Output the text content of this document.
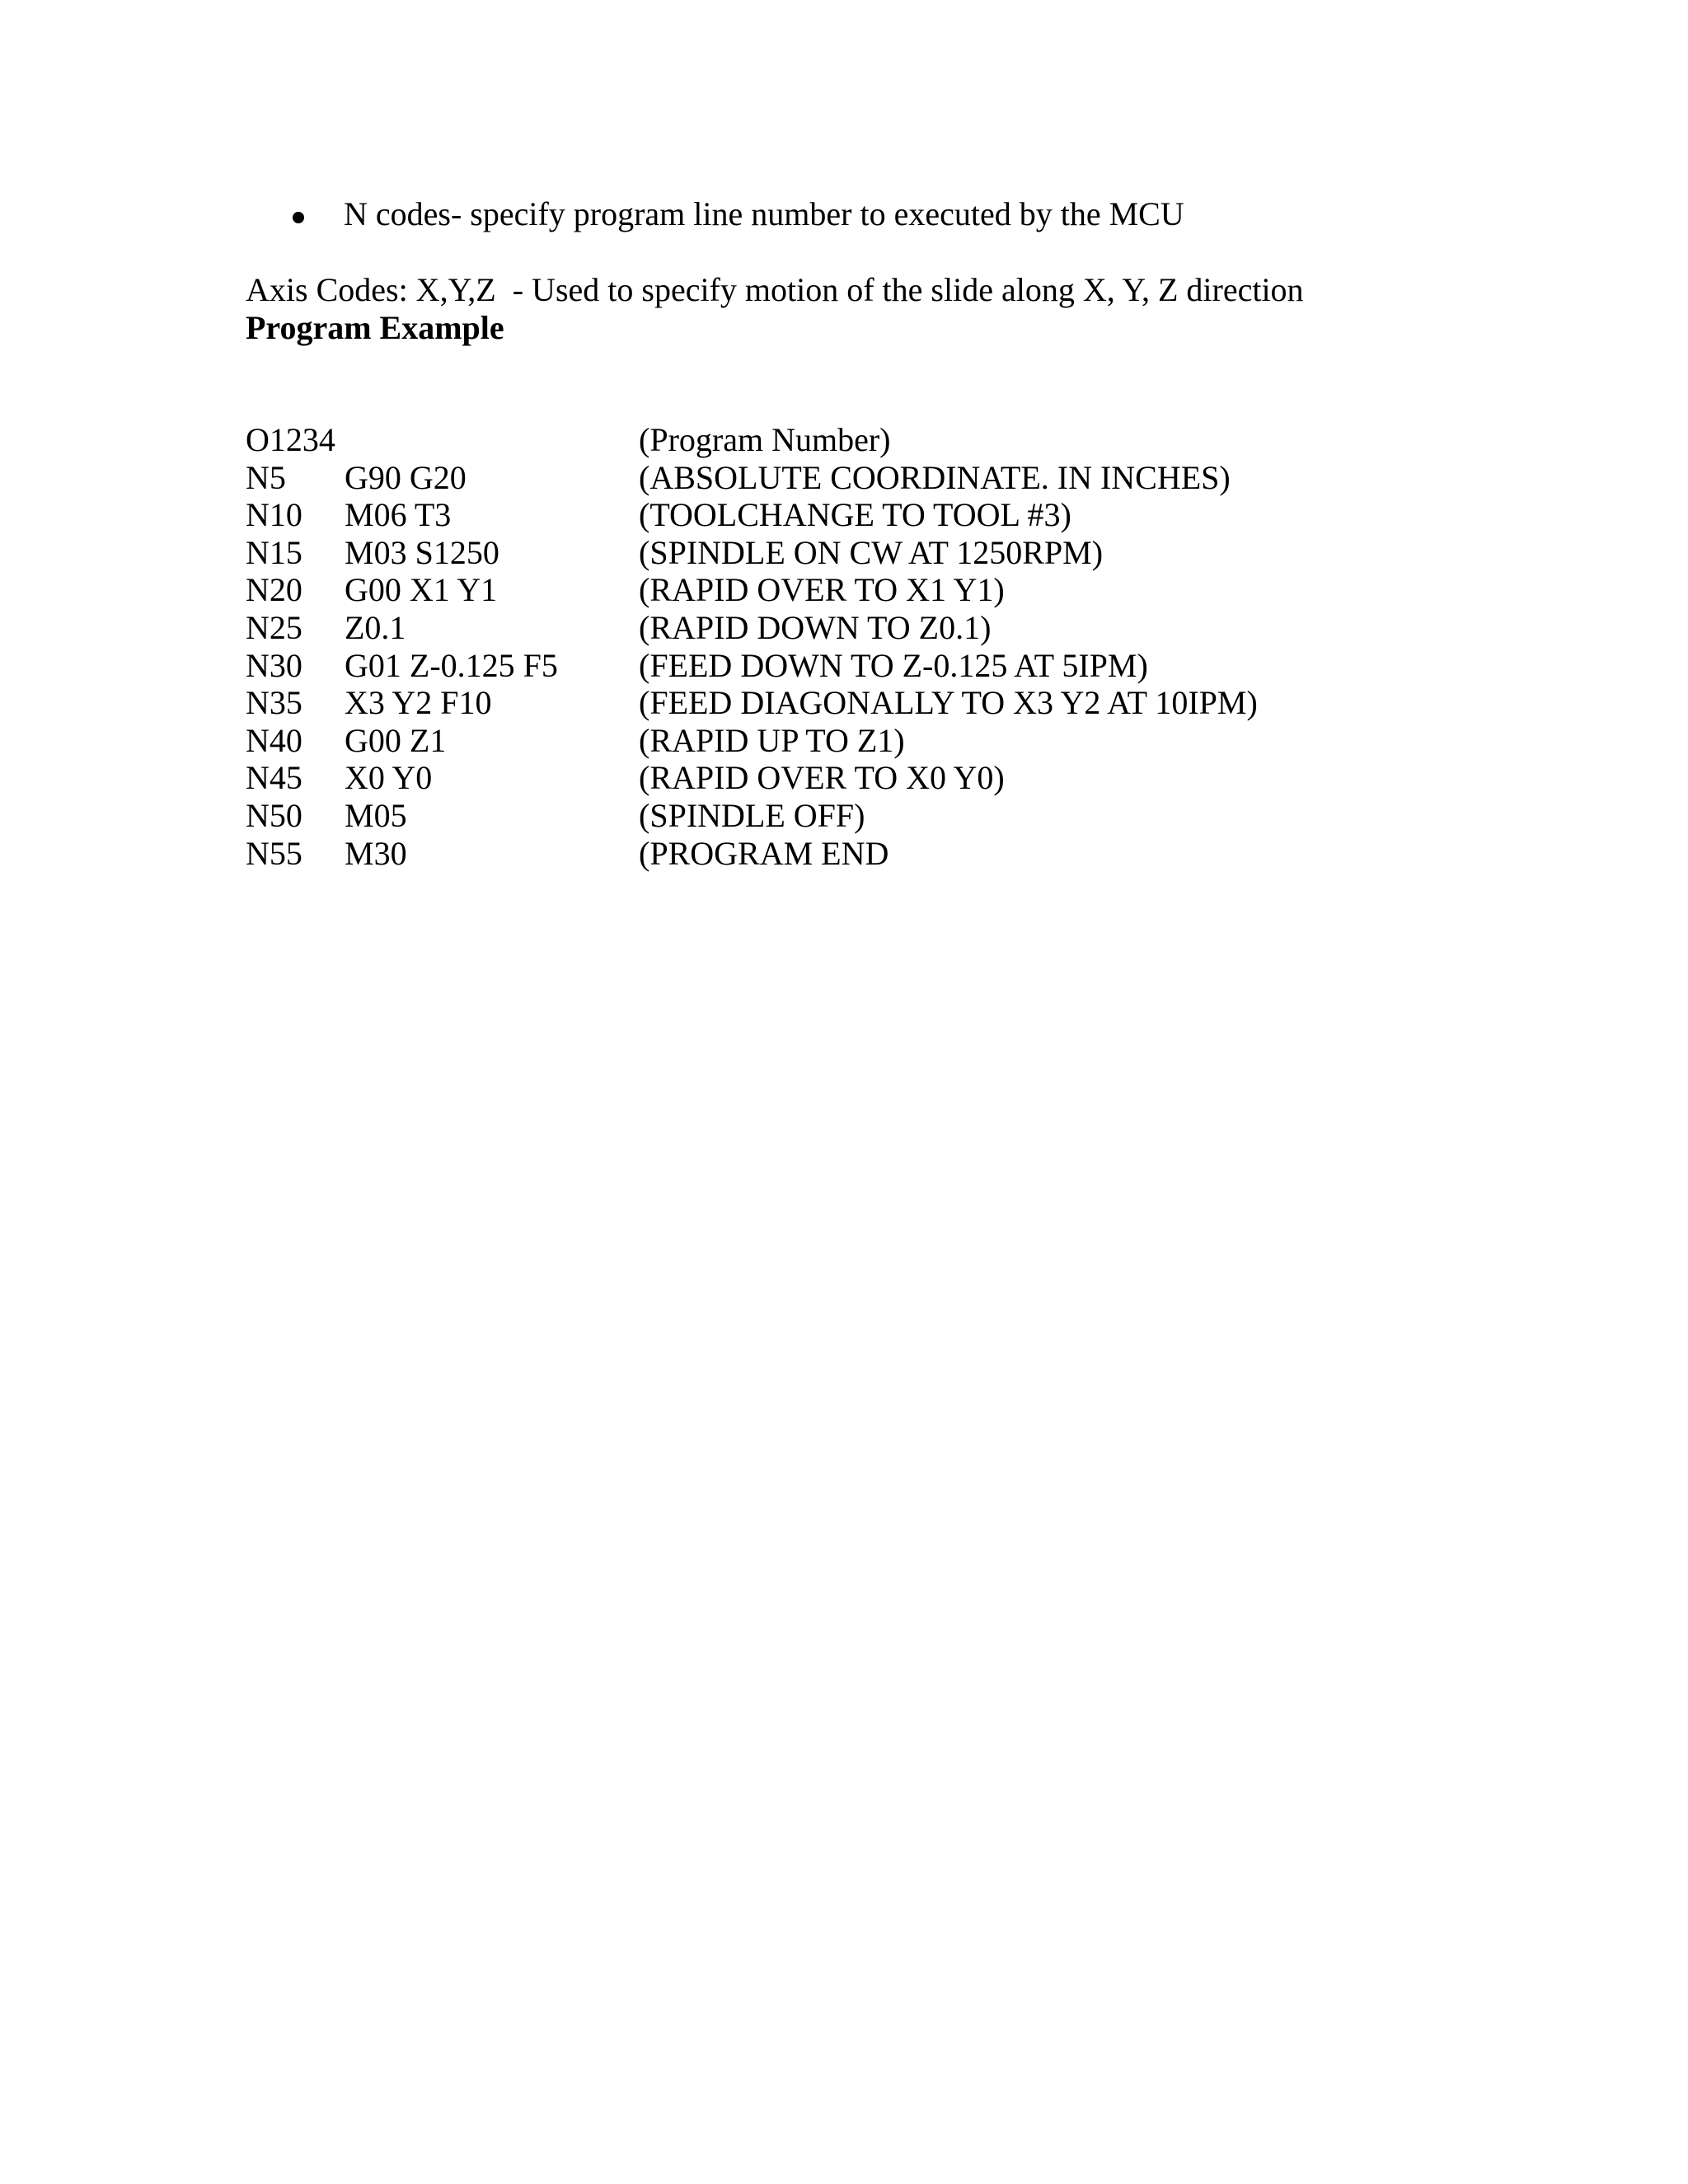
N codes- specify program line number to executed by the MCU
Axis Codes: X,Y,Z  - Used to specify motion of the slide along X, Y, Z direction
Program Example
O1234	(Program Number)
N5 G90 G20	(ABSOLUTE COORDINATE. IN INCHES)
N10 M06 T3	(TOOLCHANGE TO TOOL #3)
N15 M03 S1250	(SPINDLE ON CW AT 1250RPM)
N20 G00 X1 Y1	(RAPID OVER TO X1 Y1)
N25 Z0.1	(RAPID DOWN TO Z0.1)
N30 G01 Z-0.125 F5 (FEED DOWN TO Z-0.125 AT 5IPM)
N35 X3 Y2 F10	(FEED DIAGONALLY TO X3 Y2 AT 10IPM)
N40 G00 Z1	(RAPID UP TO Z1)
N45 X0 Y0	(RAPID OVER TO X0 Y0)
N50 M05	(SPINDLE OFF)
N55 M30	(PROGRAM END
